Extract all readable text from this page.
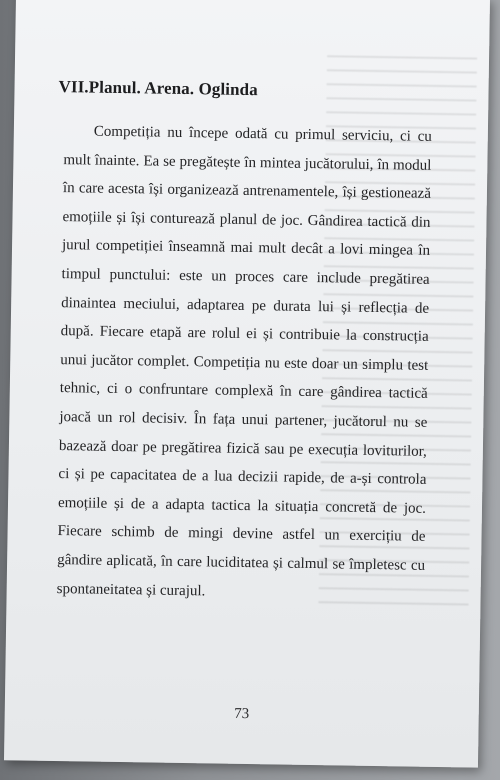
VII.Planul. Arena. Oglinda

Competiția nu începe odată cu primul serviciu, ci cu mult înainte. Ea se pregătește în mintea jucătorului, în modul în care acesta își organizează antrenamentele, își gestionează emoțiile și își conturează planul de joc. Gândirea tactică din jurul competiției înseamnă mai mult decât a lovi mingea în timpul punctului: este un proces care include pregătirea dinaintea meciului, adaptarea pe durata lui și reflecția de după. Fiecare etapă are rolul ei și contribuie la construcția unui jucător complet. Competiția nu este doar un simplu test tehnic, ci o confruntare complexă în care gândirea tactică joacă un rol decisiv. În fața unui partener, jucătorul nu se bazează doar pe pregătirea fizică sau pe execuția loviturilor, ci și pe capacitatea de a lua decizii rapide, de a-și controla emoțiile și de a adapta tactica la situația concretă de joc. Fiecare schimb de mingi devine astfel un exercițiu de gândire aplicată, în care luciditatea și calmul se împletesc cu spontaneitatea și curajul.

73
